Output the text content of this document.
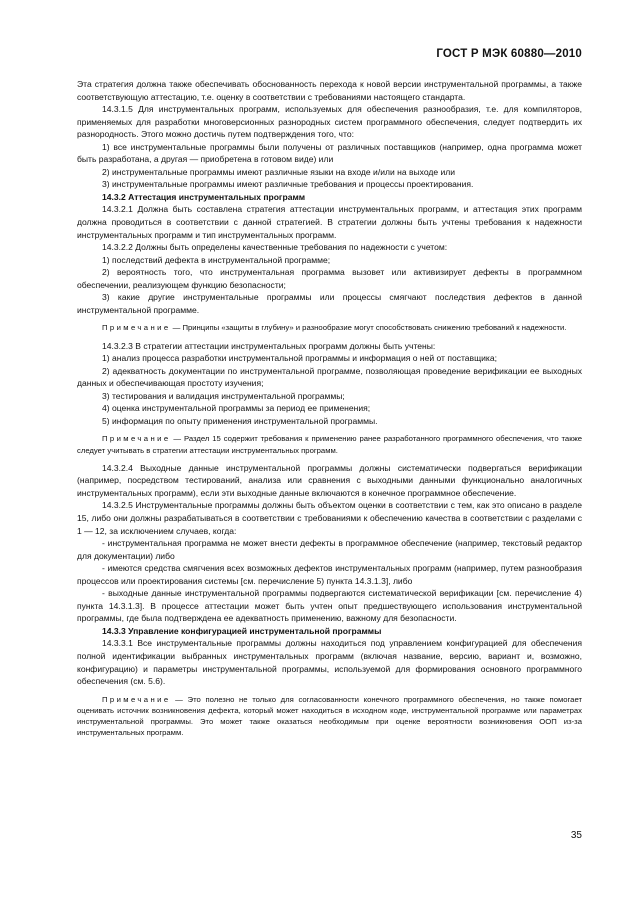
ГОСТ Р МЭК 60880—2010

Эта стратегия должна также обеспечивать обоснованность перехода к новой версии инструментальной программы, а также соответствующую аттестацию, т.е. оценку в соответствии с требованиями настоящего стандарта.

14.3.1.5 Для инструментальных программ, используемых для обеспечения разнообразия, т.е. для компиляторов, применяемых для разработки многоверсионных разнородных систем программного обеспечения, следует подтвердить их разнородность. Этого можно достичь путем подтверждения того, что:

1) все инструментальные программы были получены от различных поставщиков (например, одна программа может быть разработана, а другая — приобретена в готовом виде) или

2) инструментальные программы имеют различные языки на входе и/или на выходе или

3) инструментальные программы имеют различные требования и процессы проектирования.

14.3.2 Аттестация инструментальных программ

14.3.2.1 Должна быть составлена стратегия аттестации инструментальных программ, и аттестация этих программ должна проводиться в соответствии с данной стратегией. В стратегии должны быть учтены требования к надежности инструментальных программ и тип инструментальных программ.

14.3.2.2 Должны быть определены качественные требования по надежности с учетом:

1) последствий дефекта в инструментальной программе;

2) вероятность того, что инструментальная программа вызовет или активизирует дефекты в программном обеспечении, реализующем функцию безопасности;

3) какие другие инструментальные программы или процессы смягчают последствия дефектов в данной инструментальной программе.

Примечание — Принципы «защиты в глубину» и разнообразие могут способствовать снижению требований к надежности.

14.3.2.3 В стратегии аттестации инструментальных программ должны быть учтены:

1) анализ процесса разработки инструментальной программы и информация о ней от поставщика;

2) адекватность документации по инструментальной программе, позволяющая проведение верификации ее выходных данных и обеспечивающая простоту изучения;

3) тестирования и валидация инструментальной программы;

4) оценка инструментальной программы за период ее применения;

5) информация по опыту применения инструментальной программы.

Примечание — Раздел 15 содержит требования к применению ранее разработанного программного обеспечения, что также следует учитывать в стратегии аттестации инструментальных программ.

14.3.2.4 Выходные данные инструментальной программы должны систематически подвергаться верификации (например, посредством тестирований, анализа или сравнения с выходными данными функционально аналогичных инструментальных программ), если эти выходные данные включаются в конечное программное обеспечение.

14.3.2.5 Инструментальные программы должны быть объектом оценки в соответствии с тем, как это описано в разделе 15, либо они должны разрабатываться в соответствии с требованиями к обеспечению качества в соответствии с разделами с 1 — 12, за исключением случаев, когда:

- инструментальная программа не может внести дефекты в программное обеспечение (например, текстовый редактор для документации) либо

- имеются средства смягчения всех возможных дефектов инструментальных программ (например, путем разнообразия процессов или проектирования системы [см. перечисление 5) пункта 14.3.1.3], либо

- выходные данные инструментальной программы подвергаются систематической верификации [см. перечисление 4) пункта 14.3.1.3]. В процессе аттестации может быть учтен опыт предшествующего использования инструментальной программы, где была подтверждена ее адекватность применению, важному для безопасности.

14.3.3 Управление конфигурацией инструментальной программы

14.3.3.1 Все инструментальные программы должны находиться под управлением конфигурацией для обеспечения полной идентификации выбранных инструментальных программ (включая название, версию, вариант и, возможно, конфигурацию) и параметры инструментальной программы, используемой для формирования основного программного обеспечения (см. 5.6).

Примечание — Это полезно не только для согласованности конечного программного обеспечения, но также помогает оценивать источник возникновения дефекта, который может находиться в исходном коде, инструментальной программе или параметрах инструментальной программы. Это может также оказаться необходимым при оценке вероятности возникновения ООП из-за инструментальных программ.

35
